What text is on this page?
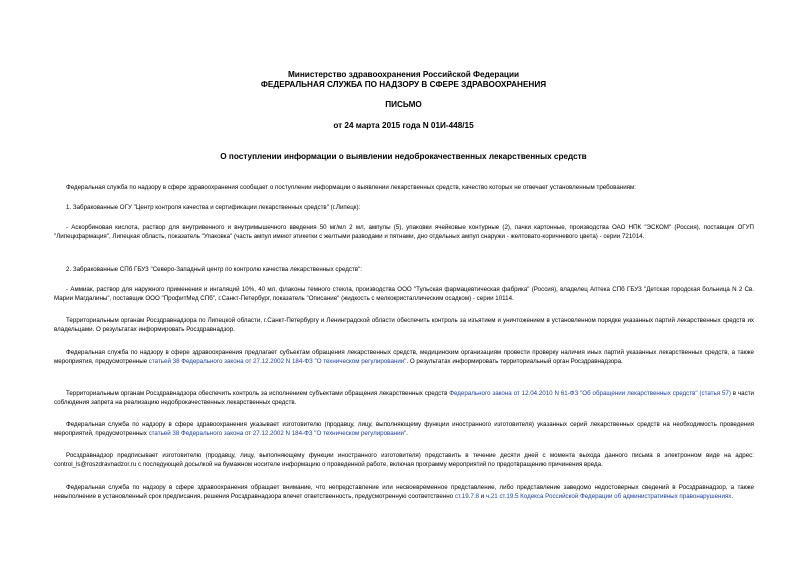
Министерство здравоохранения Российской Федерации
ФЕДЕРАЛЬНАЯ СЛУЖБА ПО НАДЗОРУ В СФЕРЕ ЗДРАВООХРАНЕНИЯ
ПИСЬМО
от 24 марта 2015 года N 01И-448/15
О поступлении информации о выявлении недоброкачественных лекарственных средств
Федеральная служба по надзору в сфере здравоохранения сообщает о поступлении информации о выявлении лекарственных средств, качество которых не отвечает установленным требованиям:
1. Забракованные ОГУ "Центр контроля качества и сертификации лекарственных средств" (г.Липецк):
- Аскорбиновая кислота, раствор для внутривенного и внутримышечного введения 50 мг/мл 2 мл, ампулы (5), упаковки ячейковые контурные (2), пачки картонные, производства ОАО НПК "ЭСКОМ" (Россия), поставщик ОГУП "Липецкфармация", Липецкая область, показатель "Упаковка" (часть ампул имеют этикетки с желтыми разводами и пятнами, дно отдельных ампул снаружи - желтовато-коричневого цвета) - серии 721014.
2. Забракованные СПб ГБУЗ "Северо-Западный центр по контролю качества лекарственных средств":
- Аммиак, раствор для наружного применения и ингаляций 10%, 40 мл, флаконы темного стекла, производства ООО "Тульская фармацевтическая фабрика" (Россия), владелец Аптека СПб ГБУЗ "Детская городская больница N 2 Св. Марии Магдалины", поставщик ООО "ПрофитМед СПб", г.Санкт-Петербург, показатель "Описание" (жидкость с мелкокристаллическим осадком) - серии 10114.
Территориальным органам Росздравнадзора по Липецкой области, г.Санкт-Петербургу и Ленинградской области обеспечить контроль за изъятием и уничтожением в установленном порядке указанных партий лекарственных средств их владельцами. О результатах информировать Росздравнадзор.
Федеральная служба по надзору в сфере здравоохранения предлагает субъектам обращения лекарственных средств, медицинским организациям провести проверку наличия иных партий указанных лекарственных средств, а также мероприятия, предусмотренные статьей 38 Федерального закона от 27.12.2002 N 184-ФЗ "О техническом регулировании". О результатах информировать территориальный орган Росздравнадзора.
Территориальным органам Росздравнадзора обеспечить контроль за исполнением субъектами обращения лекарственных средств Федерального закона от 12.04.2010 N 61-ФЗ "Об обращении лекарственных средств" (статья 57) в части соблюдения запрета на реализацию недоброкачественных лекарственных средств.
Федеральная служба по надзору в сфере здравоохранения указывает изготовителю (продавцу, лицу, выполняющему функции иностранного изготовителя) указанных серий лекарственных средств на необходимость проведения мероприятий, предусмотренных статьей 38 Федерального закона от 27.12.2002 N 184-ФЗ "О техническом регулировании".
Росздравнадзор предписывает изготовителю (продавцу, лицу, выполняющему функции иностранного изготовителя) представить в течение десяти дней с момента выхода данного письма в электронном виде на адрес: control_ls@roszdravnadzor.ru с последующей досылкой на бумажном носителе информацию о проведенной работе, включая программу мероприятий по предотвращению причинения вреда.
Федеральная служба по надзору в сфере здравоохранения обращает внимание, что непредставление или несвоевременное представление, либо представление заведомо недостоверных сведений в Росздравнадзор, а также невыполнение в установленный срок предписания, решения Росздравнадзора влечет ответственность, предусмотренную соответственно ст.19.7.8 и ч.21 ст.19.5 Кодекса Российской Федерации об административных правонарушениях.
